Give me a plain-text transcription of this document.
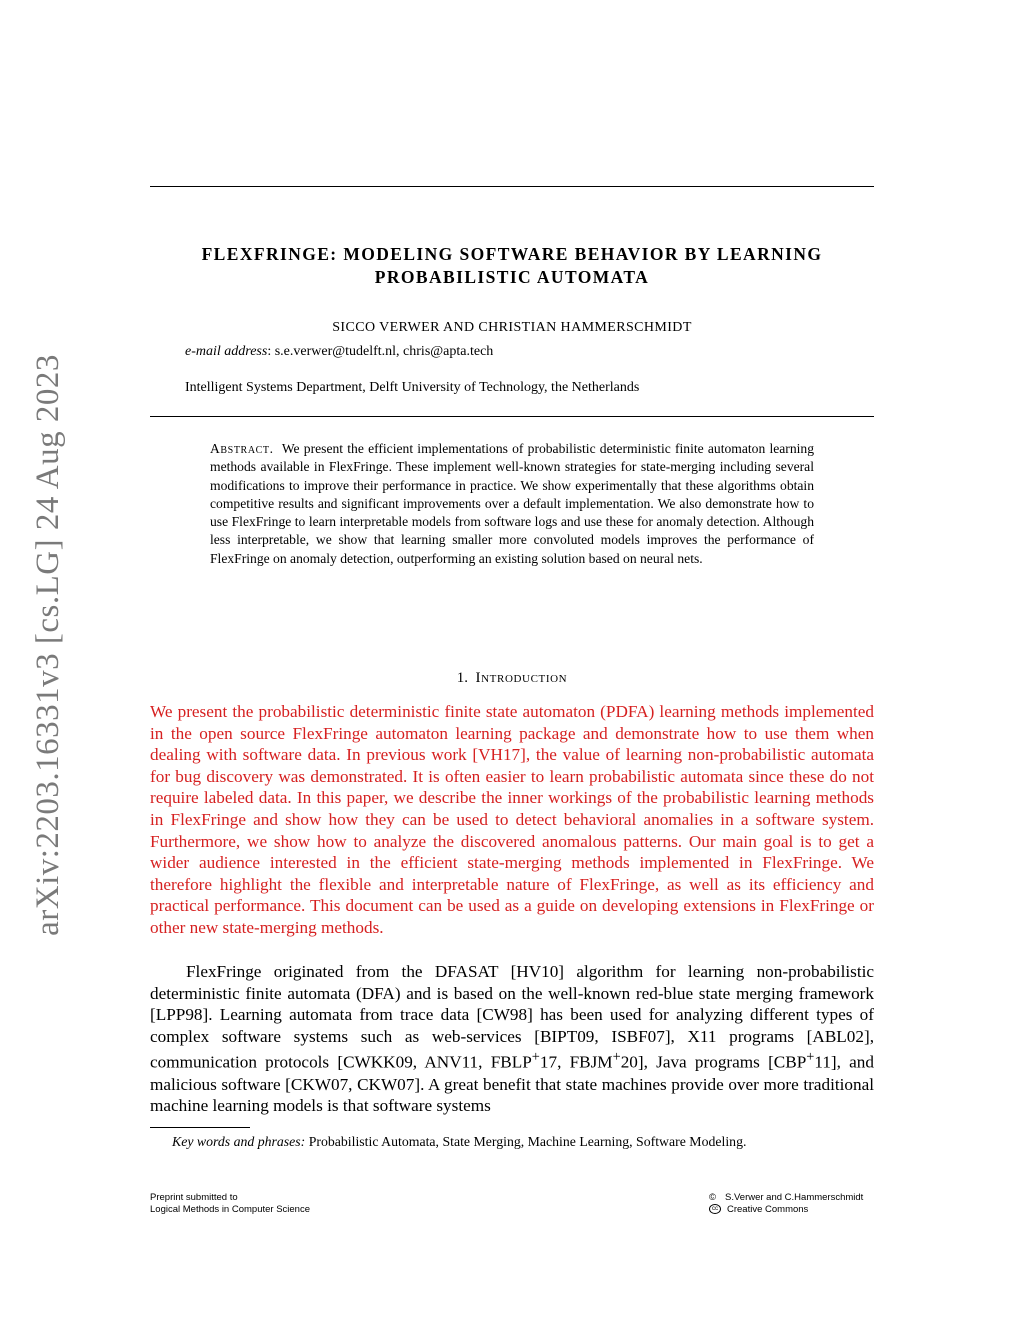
arXiv:2203.16331v3 [cs.LG] 24 Aug 2023
FLEXFRINGE: MODELING SOFTWARE BEHAVIOR BY LEARNING
PROBABILISTIC AUTOMATA
SICCO VERWER AND CHRISTIAN HAMMERSCHMIDT
e-mail address: s.e.verwer@tudelft.nl, chris@apta.tech
Intelligent Systems Department, Delft University of Technology, the Netherlands
Abstract. We present the efficient implementations of probabilistic deterministic finite automaton learning methods available in FlexFringe. These implement well-known strategies for state-merging including several modifications to improve their performance in practice. We show experimentally that these algorithms obtain competitive results and significant improvements over a default implementation. We also demonstrate how to use FlexFringe to learn interpretable models from software logs and use these for anomaly detection. Although less interpretable, we show that learning smaller more convoluted models improves the performance of FlexFringe on anomaly detection, outperforming an existing solution based on neural nets.
1. Introduction
We present the probabilistic deterministic finite state automaton (PDFA) learning methods implemented in the open source FlexFringe automaton learning package and demonstrate how to use them when dealing with software data. In previous work [VH17], the value of learning non-probabilistic automata for bug discovery was demonstrated. It is often easier to learn probabilistic automata since these do not require labeled data. In this paper, we describe the inner workings of the probabilistic learning methods in FlexFringe and show how they can be used to detect behavioral anomalies in a software system. Furthermore, we show how to analyze the discovered anomalous patterns. Our main goal is to get a wider audience interested in the efficient state-merging methods implemented in FlexFringe. We therefore highlight the flexible and interpretable nature of FlexFringe, as well as its efficiency and practical performance. This document can be used as a guide on developing extensions in FlexFringe or other new state-merging methods.
FlexFringe originated from the DFASAT [HV10] algorithm for learning non-probabilistic deterministic finite automata (DFA) and is based on the well-known red-blue state merging framework [LPP98]. Learning automata from trace data [CW98] has been used for analyzing different types of complex software systems such as web-services [BIPT09, ISBF07], X11 programs [ABL02], communication protocols [CWKK09, ANV11, FBLP+17, FBJM+20], Java programs [CBP+11], and malicious software [CKW07, CKW07]. A great benefit that state machines provide over more traditional machine learning models is that software systems
Key words and phrases: Probabilistic Automata, State Merging, Machine Learning, Software Modeling.
Preprint submitted to
Logical Methods in Computer Science
© S.Verwer and C.Hammerschmidt
cc Creative Commons
